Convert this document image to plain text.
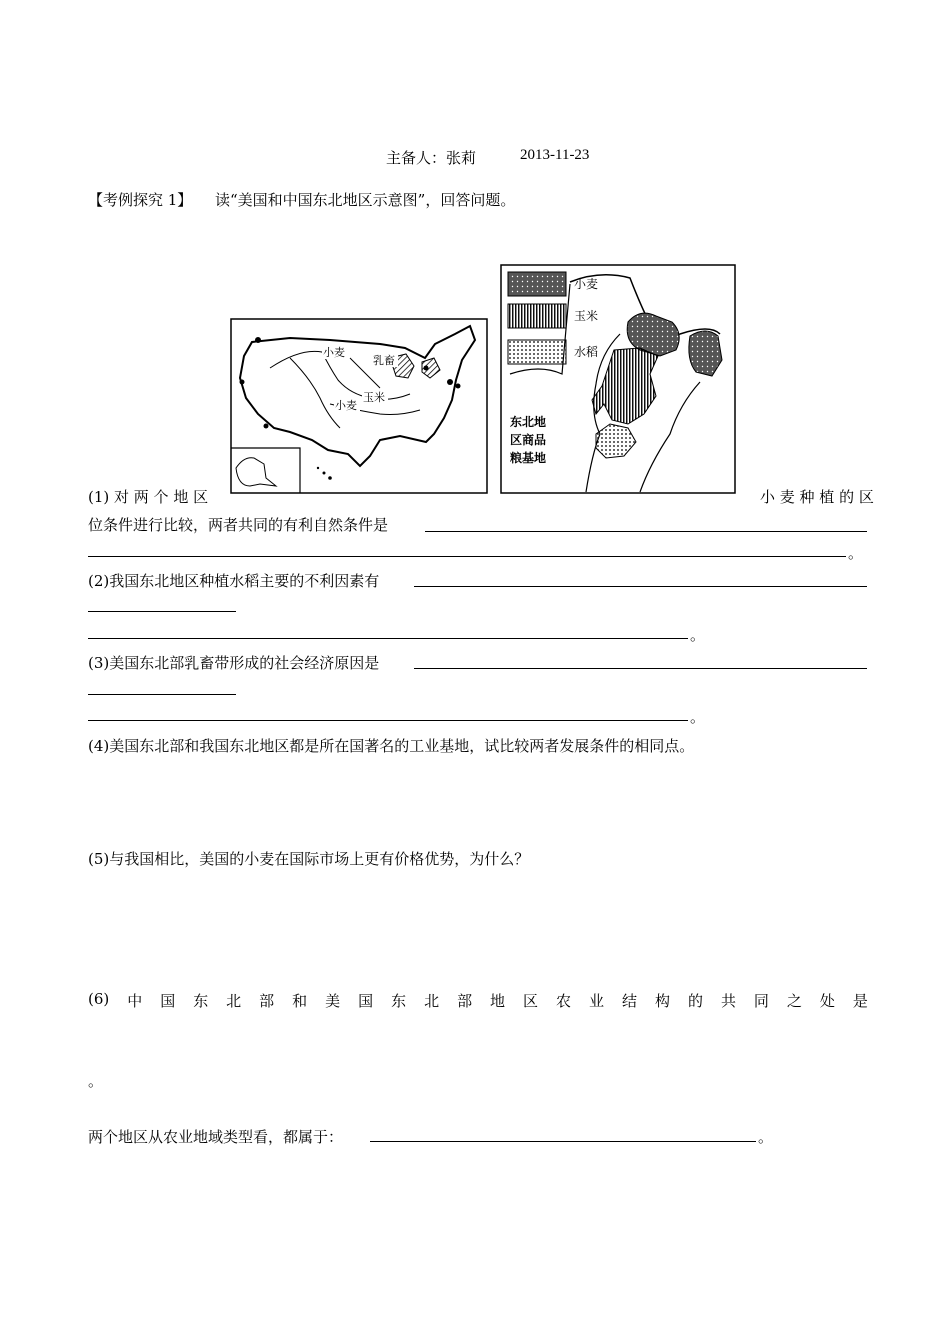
主备人：张莉	2013-11-23
【考例探究 1】 读“美国和中国东北地区示意图”，回答问题。
小麦
乳畜
小麦
玉米
小麦
玉米
水稻
东北地
区商品
粮基地
(1) 对 两 个 地 区	小 麦 种 植 的 区
位条件进行比较，两者共同的有利自然条件是
。
(2)我国东北地区种植水稻主要的不利因素有
。
(3)美国东北部乳畜带形成的社会经济原因是
。
(4)美国东北部和我国东北地区都是所在国著名的工业基地，试比较两者发展条件的相同点。
(5)与我国相比，美国的小麦在国际市场上更有价格优势，为什么？
(6) 中 国 东 北 部 和 美 国 东 北 部 地 区 农 业 结 构 的 共 同 之 处 是
。
两个地区从农业地域类型看，都属于：	。
